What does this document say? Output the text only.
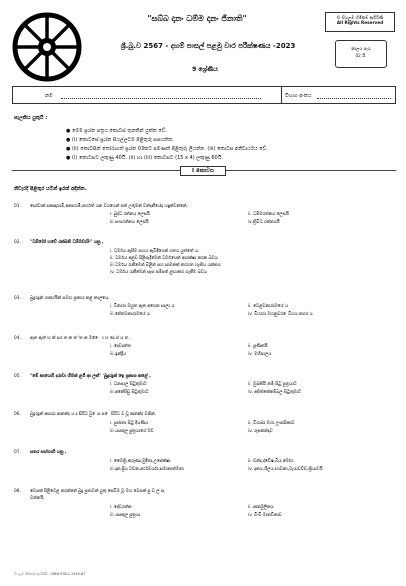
"සබ්බ දානං ධම්ම දානං ජිනාති"	© සියලුම හිමිකම් ඇවිරිණි
All Rights Reserved
ශ්‍රී.බු.ව 2567 - දහම් පාසල් පළමු වාර පරීක්ෂණය -2023	කාලය පැය
02 යි.
9 ශ්‍රේණිය
නම	විභාග අංකය
සැලකිය යුතුයි :
● මෙම ප්‍රශ්න පත්‍රය කොටස් තුනකින් යුක්ත වේ.
● (i) කොටසේ ප්‍රශ්න සියල්ලටම පිළිතුරු සපයන්න.
● (ii) කොටසින් තෝරාගත් ප්‍රශ්න 03කට පමණක් පිළිතුරු ලියන්න. (iii) කොටස අනිවාර්යය වේ.
● (i) කොටසට ලකුණු 40යි. (ii) හා (iii) කොටසට (15 x 4) ලකුණු 60යි.
I කොටස
නිවැරදි පිළිතුර යටින් ඉරක් අඳින්න.
01. සෝවාන්,සකෘදාගාමි,අනාගාමි,අර්හත් යන වශයෙන් පත් උතුමන් වන්දනීයේදා හඳුන්වන්නේ,
i. බුද්ධ රත්නය ලෙසයි	ii. ධම්මරත්නය ලෙසයි
iii.සංඝරත්නය ලෙසයි	iv.ත්‍රිවිධ රත්නයයි
02. "ධම්මෝ හවේ රක්ඛති ධම්මචාරිං" යනු ,
i. ධර්මය ඇසීම සහය ඇවිඳියෙන් ගතය යුත්තේ ය.
ii. ධර්මය අනුව පිළිපැදීමෙන් ධර්මයෙන් ආරක්ෂා කරන බවය
iii.ධර්මය රැකීමෙන් බිළින් සහ සාමනක් කරගත හැකිය යන්නය
iv. ධර්මය රැකීමෙන් සැප සම්පත් ළඟාකර ගැනීම බවය
03. බුදුරදුන් ශාක්‍යයින් සමඟ ප්‍රකාශ කළ කාලයෙ,
i. වීනාරා ඔහුත ඇත අගෙන සාලා ය	ii. වෙළවනාරාමයේ ය
iii.ජේතවනාරාමයේ ය	iv. විහාරා මහනුවර ෙවිහය නගර ය
04. ඇත ඇත් හ ක් සර ත ක ත ්ත න ම ෙෙ ා හ ණ ප් ය ත ,
i. දෙවදත්ත	ii. පූණිකයි
iii.ඉන්ද්‍රිය	iv. මහිපාලය
05. "මේ කායෙහි දරාවා හිමක් ළගී ආ ලක්" 'බුදුරදුන් ඉෙ ප්‍රකාශ කළේ ,
i. ධනපාල සිටුතුමාට	ii. මුඛකියි නම් සිටු පුත්‍රයාට
iii.අනේපිඩු සිටුතුමාට	iv. අජිත්කේකම්බල සිටුතුමාට
06. බුදුරදුන් අසාරා ආනන්ද ය ද සිරිධ වු ෙස ප ෙ සිරිධ ව වූ ආනන්ද වනින්,
i. සුජාතා සිටු දියණිය	ii. විශාඛා මහා උපාසිකාව
iii.යසකුල පුත්‍රයාගේ මව	iv. රූපනන්දාව
07. සතර සඟ්ගාහි යනු ,
i. මෛත්‍රි,කරුණා,මුදිතා,උපේක්ෂා	ii. චන්ද,ද්වේෂ,බිය,මෝහ
iii.දාන,ප්‍රිය වචන,අර්ථචර්යා,සමානාත්මතා	iv. දානය,ශිලය,භාවනා,වැයාවච්ච,ක්‍රියාවයි
08. වෙසක් පිළිවෙළ කරන්නේ බුදු පුජාවන් යුතු සෙවීම වූ මහ වෙසක් පු ව ල ස,
වන්නයි.
i. දේවරත්න	ii. ආනමුලීනය
iii.යසකුල පුත්‍රයා	iv. චිංචි මානවිකාව
සියලුම හිමිකම් ඇවිරිණි - ISBN 978-1-2345-67
